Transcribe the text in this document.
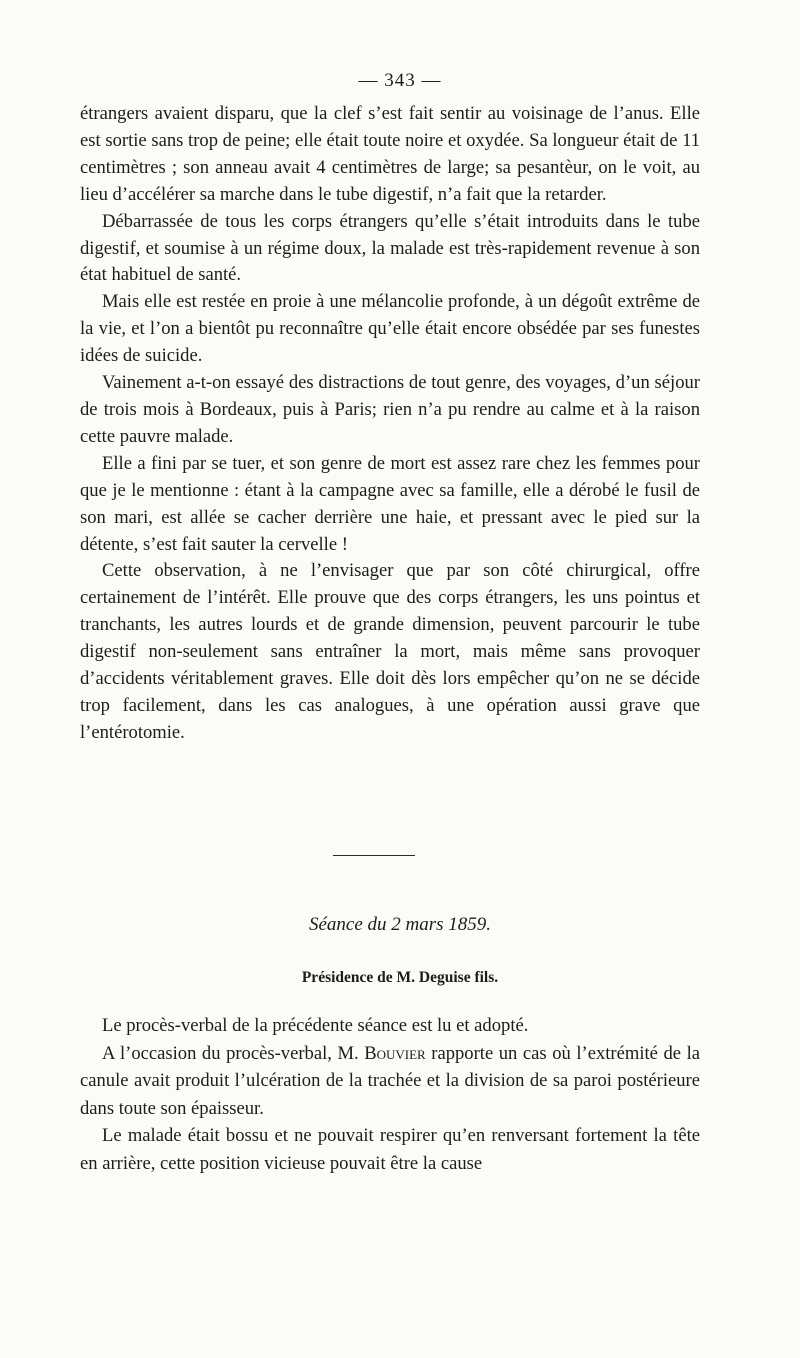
— 343 —

étrangers avaient disparu, que la clef s’est fait sentir au voisinage de l’anus. Elle est sortie sans trop de peine; elle était toute noire et oxydée. Sa longueur était de 11 centimètres ; son anneau avait 4 centimètres de large; sa pesantèur, on le voit, au lieu d’accélérer sa marche dans le tube digestif, n’a fait que la retarder.

Débarrassée de tous les corps étrangers qu’elle s’était introduits dans le tube digestif, et soumise à un régime doux, la malade est très-rapidement revenue à son état habituel de santé.

Mais elle est restée en proie à une mélancolie profonde, à un dégoût extrême de la vie, et l’on a bientôt pu reconnaître qu’elle était encore obsédée par ses funestes idées de suicide.

Vainement a-t-on essayé des distractions de tout genre, des voyages, d’un séjour de trois mois à Bordeaux, puis à Paris; rien n’a pu rendre au calme et à la raison cette pauvre malade.

Elle a fini par se tuer, et son genre de mort est assez rare chez les femmes pour que je le mentionne : étant à la campagne avec sa famille, elle a dérobé le fusil de son mari, est allée se cacher derrière une haie, et pressant avec le pied sur la détente, s’est fait sauter la cervelle !

Cette observation, à ne l’envisager que par son côté chirurgical, offre certainement de l’intérêt. Elle prouve que des corps étrangers, les uns pointus et tranchants, les autres lourds et de grande dimension, peuvent parcourir le tube digestif non-seulement sans entraîner la mort, mais même sans provoquer d’accidents véritablement graves. Elle doit dès lors empêcher qu’on ne se décide trop facilement, dans les cas analogues, à une opération aussi grave que l’entérotomie.

Séance du 2 mars 1859.
Présidence de M. Deguise fils.

Le procès-verbal de la précédente séance est lu et adopté.

A l’occasion du procès-verbal, M. Bouvier rapporte un cas où l’extrémité de la canule avait produit l’ulcération de la trachée et la division de sa paroi postérieure dans toute son épaisseur.

Le malade était bossu et ne pouvait respirer qu’en renversant fortement la tête en arrière, cette position vicieuse pouvait être la cause
